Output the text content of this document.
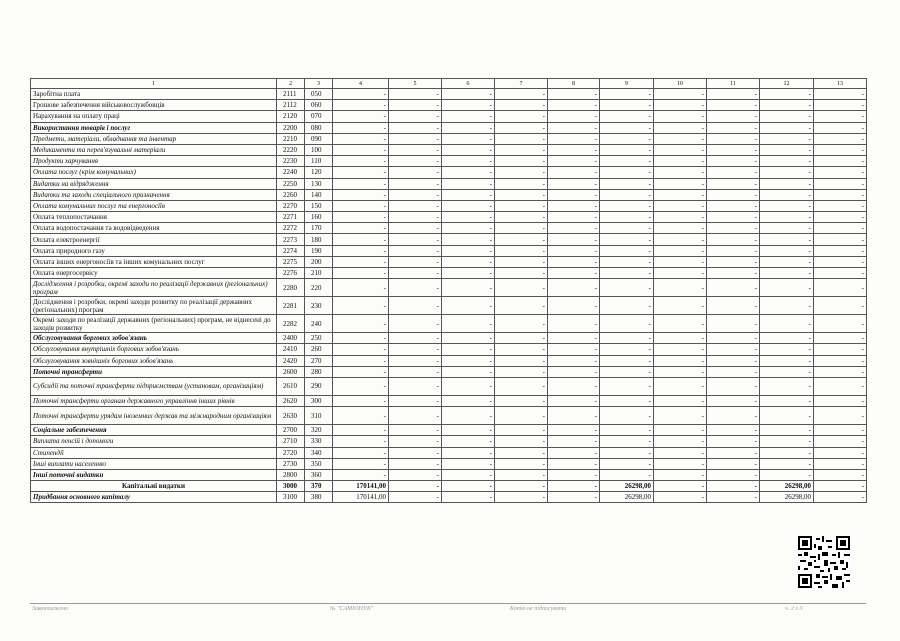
1	2	3	4	5	6	7	8	9	10	11	12	13
Заробітна плата	2111	050	-	-	-	-	-	-	-	-	-	-
Грошове забезпечення військовослужбовців	2112	060	-	-	-	-	-	-	-	-	-	-
Нарахування на оплату праці	2120	070	-	-	-	-	-	-	-	-	-	-
Використання товарів і послуг	2200	080	-	-	-	-	-	-	-	-	-	-
Предмети, матеріали, обладнання та інвентар	2210	090	-	-	-	-	-	-	-	-	-	-
Медикаменти та перев'язувальні матеріали	2220	100	-	-	-	-	-	-	-	-	-	-
Продукти харчування	2230	110	-	-	-	-	-	-	-	-	-	-
Оплата послуг (крім комунальних)	2240	120	-	-	-	-	-	-	-	-	-	-
Видатки на відрядження	2250	130	-	-	-	-	-	-	-	-	-	-
Видатки та заходи спеціального призначення	2260	140	-	-	-	-	-	-	-	-	-	-
Оплата комунальних послуг та енергоносіїв	2270	150	-	-	-	-	-	-	-	-	-	-
Оплата теплопостачання	2271	160	-	-	-	-	-	-	-	-	-	-
Оплата водопостачання та водовідведення	2272	170	-	-	-	-	-	-	-	-	-	-
Оплата електроенергії	2273	180	-	-	-	-	-	-	-	-	-	-
Оплата природного газу	2274	190	-	-	-	-	-	-	-	-	-	-
Оплата інших енергоносіїв та інших комунальних послуг	2275	200	-	-	-	-	-	-	-	-	-	-
Оплата енергосервісу	2276	210	-	-	-	-	-	-	-	-	-	-
Дослідження і розробки, окремі заходи по реалізації державних (регіональних) програм	2280	220	-	-	-	-	-	-	-	-	-	-
Дослідження і розробки, окремі заходи розвитку по реалізації державних (регіональних) програм	2281	230	-	-	-	-	-	-	-	-	-	-
Окремі заходи по реалізації державних (регіональних) програм, не віднесені до заходів розвитку	2282	240	-	-	-	-	-	-	-	-	-	-
Обслуговування боргових зобов'язань	2400	250	-	-	-	-	-	-	-	-	-	-
Обслуговування внутрішніх боргових зобов'язань	2410	260	-	-	-	-	-	-	-	-	-	-
Обслуговування зовнішніх боргових зобов'язань	2420	270	-	-	-	-	-	-	-	-	-	-
Поточні трансферти	2600	280	-	-	-	-	-	-	-	-	-	-
Субсидії та поточні трансферти підприємствам (установам, організаціям)	2610	290	-	-	-	-	-	-	-	-	-	-
Поточні трансферти органам державного управління інших рівнів	2620	300	-	-	-	-	-	-	-	-	-	-
Поточні трансферти урядам іноземних держав та міжнародним організаціям	2630	310	-	-	-	-	-	-	-	-	-	-
Соціальне забезпечення	2700	320	-	-	-	-	-	-	-	-	-	-
Виплата пенсій і допомоги	2710	330	-	-	-	-	-	-	-	-	-	-
Стипендії	2720	340	-	-	-	-	-	-	-	-	-	-
Інші виплати населенню	2730	350	-	-	-	-	-	-	-	-	-	-
Інші поточні видатки	2800	360	-	-	-	-	-	-	-	-	-	-
Капітальні видатки	3000	370	170141,00	-	-	-	-	26298,00	-	-	26298,00	-
Придбання основного капіталу	3100	380	170141,00	-	-	-	-	26298,00	-	-	26298,00	-
Завантажено	№ "САМІОНУК"	Копію не підписувати	ч. 2 з 3
